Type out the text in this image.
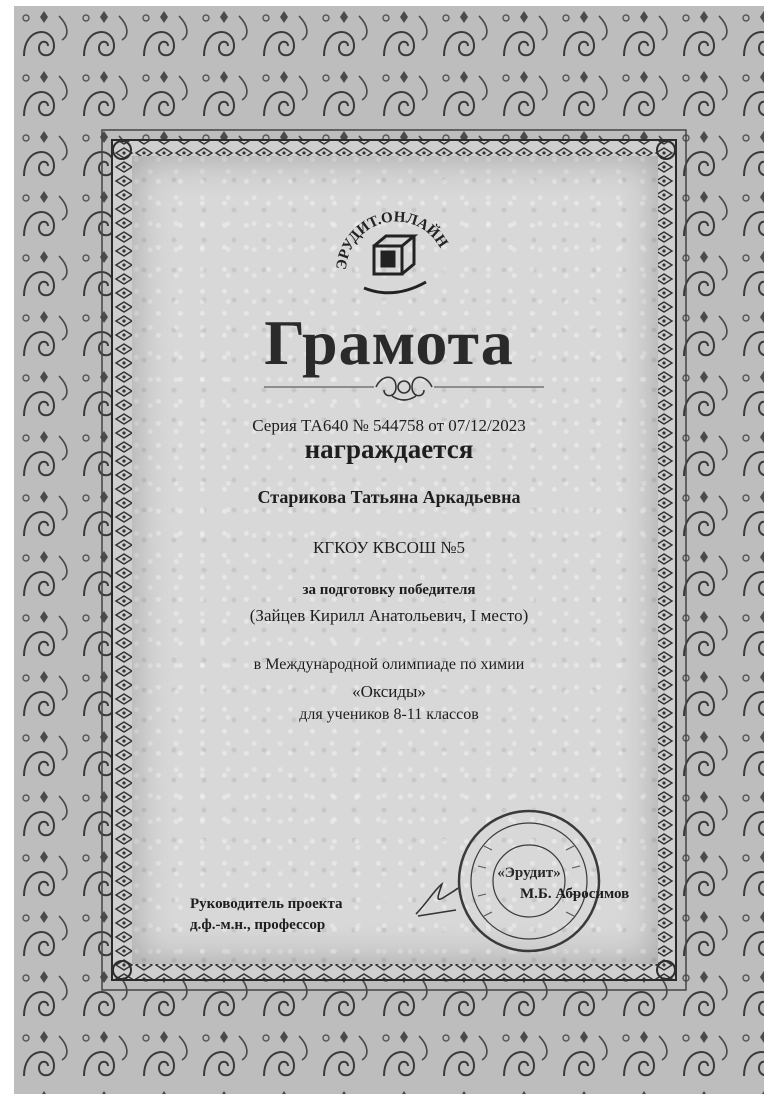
ЭРУДИТ.ОНЛАЙН
Грамота
Серия ТА640 № 544758 от 07/12/2023
награждается
Старикова Татьяна Аркадьевна
КГКОУ КВСОШ №5
за подготовку победителя
(Зайцев Кирилл Анатольевич, I место)
в Международной олимпиаде по химии
«Оксиды»
для учеников 8-11 классов
«Эрудит»
Руководитель проекта
д.ф.-м.н., профессор
М.Б. Абросимов
